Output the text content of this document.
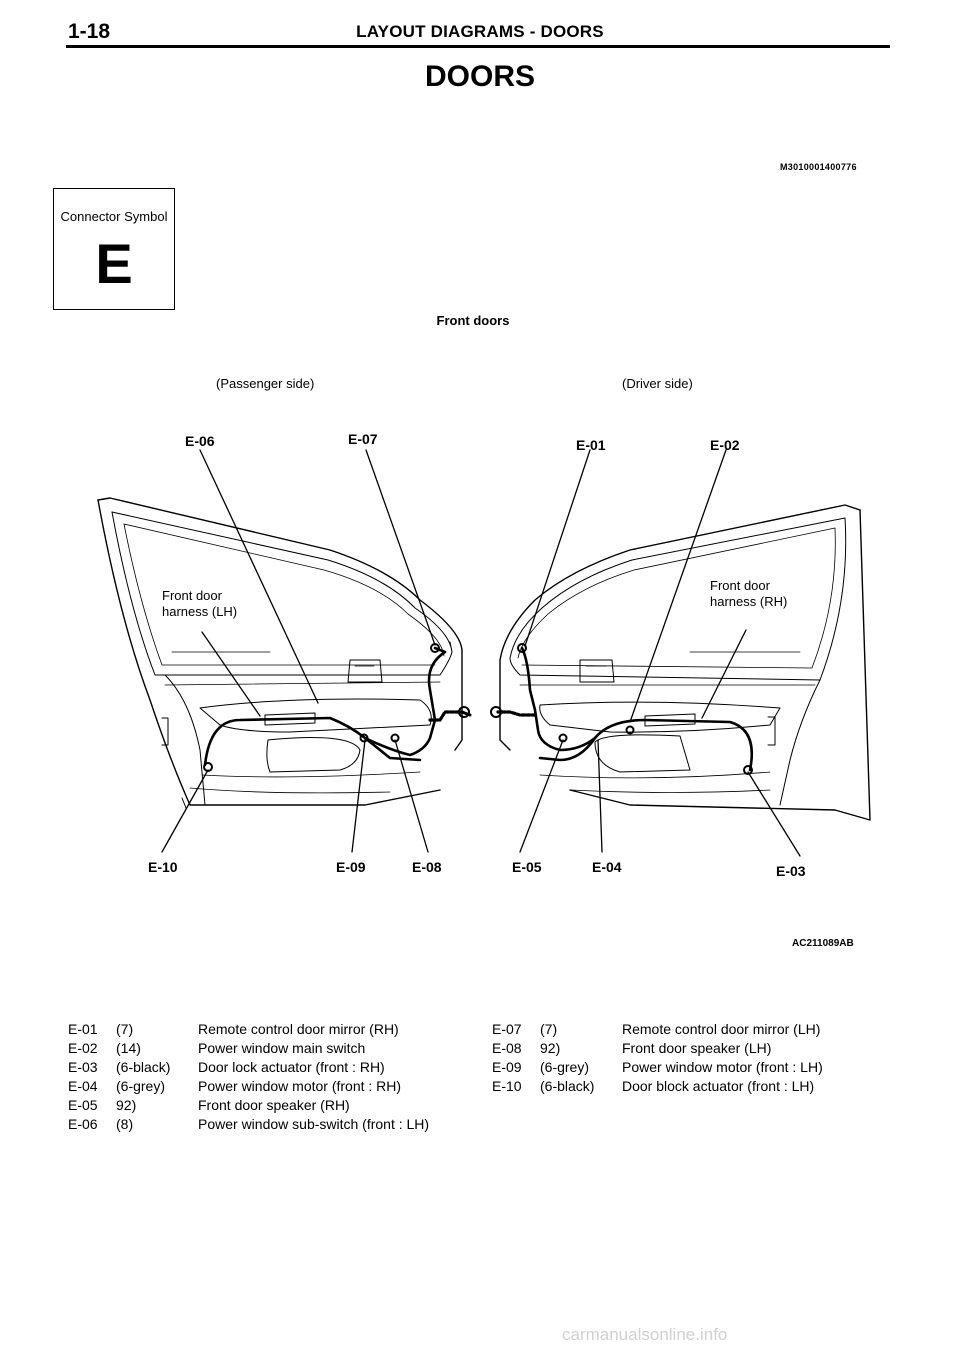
1-18	LAYOUT DIAGRAMS - DOORS
DOORS
M3010001400776
Connector Symbol
E
Front doors
(Passenger side)	(Driver side)
E-06	E-07	E-01	E-02
E-10	E-09	E-08	E-05	E-04	E-03
Front door
harness (LH)
Front door
harness (RH)
AC211089AB
E-01	(7)	Remote control door mirror (RH)
E-02	(14)	Power window main switch
E-03	(6-black)	Door lock actuator (front : RH)
E-04	(6-grey)	Power window motor (front : RH)
E-05	92)	Front door speaker (RH)
E-06	(8)	Power window sub-switch (front : LH)
E-07	(7)	Remote control door mirror (LH)
E-08	92)	Front door speaker (LH)
E-09	(6-grey)	Power window motor (front : LH)
E-10	(6-black)	Door block actuator (front : LH)
carmanualsonline.info
